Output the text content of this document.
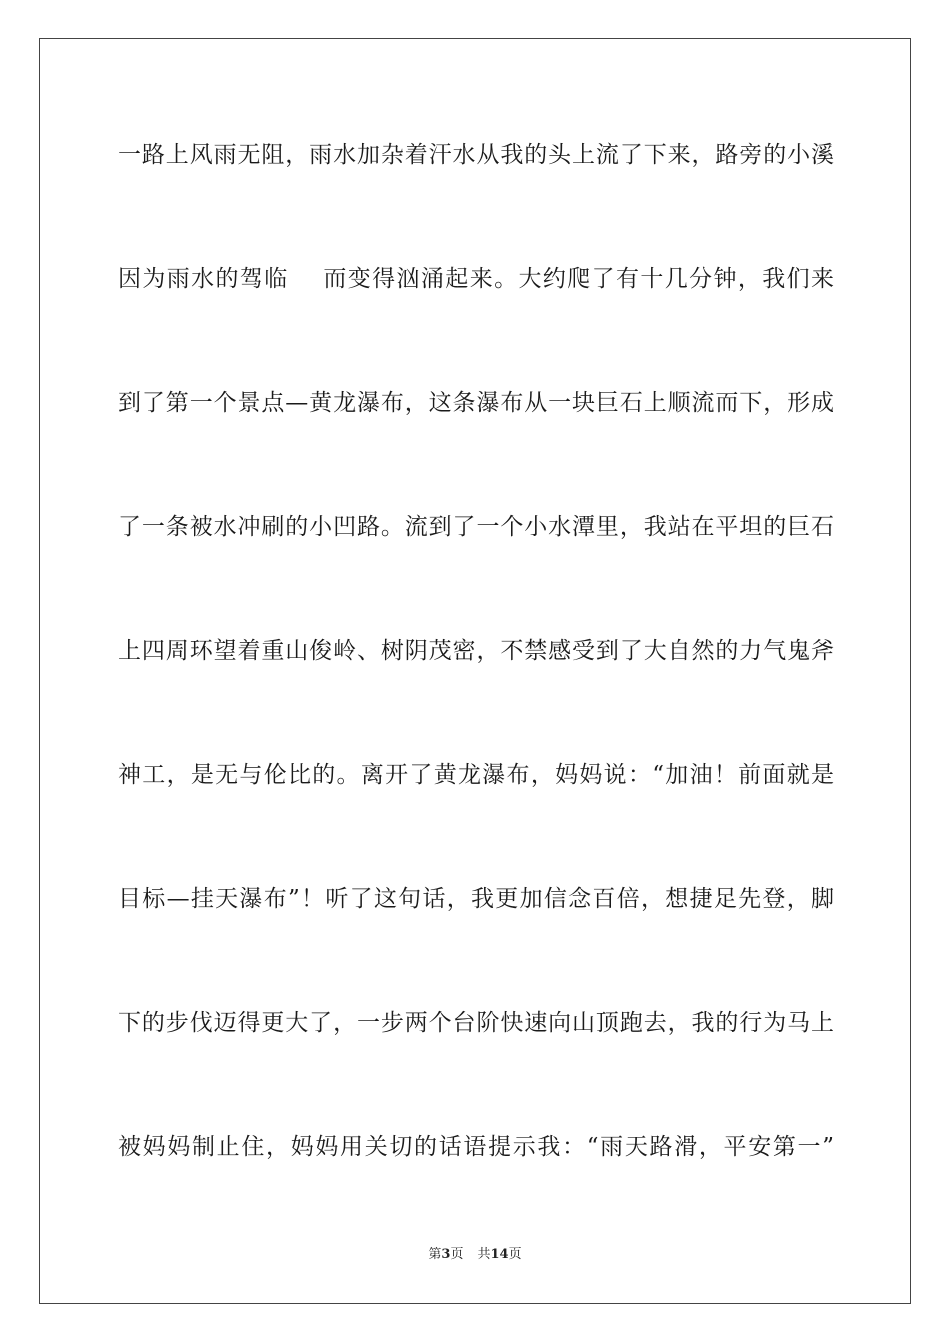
一路上风雨无阻，雨水加杂着汗水从我的头上流了下来，路旁的小溪
因为雨水的驾临    而变得汹涌起来。大约爬了有十几分钟，我们来
到了第一个景点—黄龙瀑布，这条瀑布从一块巨石上顺流而下，形成
了一条被水冲刷的小凹路。流到了一个小水潭里，我站在平坦的巨石
上四周环望着重山俊岭、树阴茂密，不禁感受到了大自然的力气鬼斧
神工，是无与伦比的。离开了黄龙瀑布，妈妈说：“加油！前面就是
目标—挂天瀑布”！听了这句话，我更加信念百倍，想捷足先登，脚
下的步伐迈得更大了，一步两个台阶快速向山顶跑去，我的行为马上
被妈妈制止住，妈妈用关切的话语提示我：“雨天路滑，平安第一”
第3页 共14页
